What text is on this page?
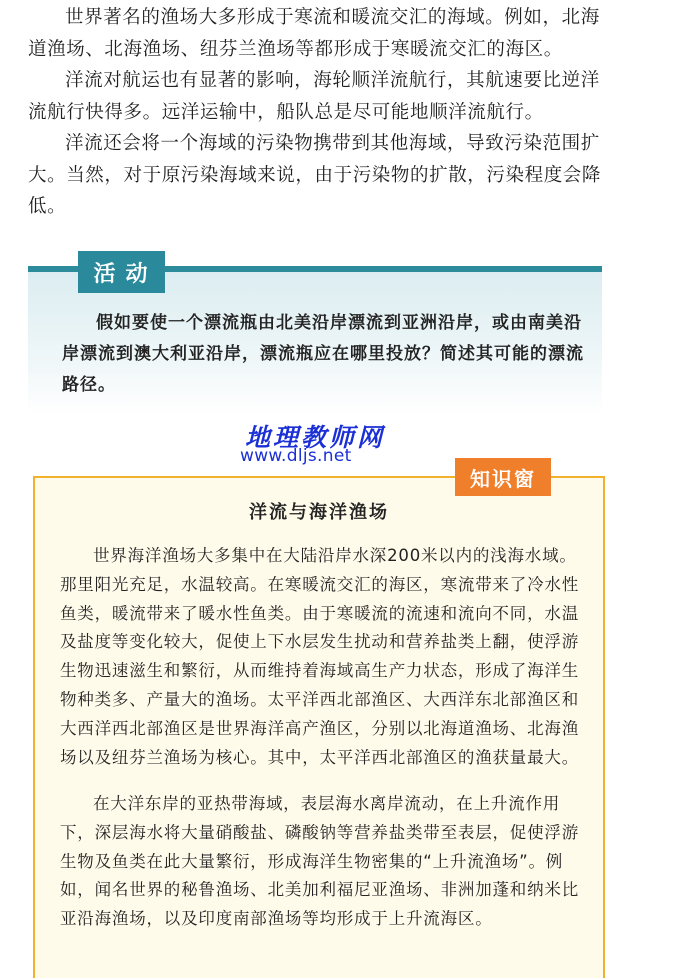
世界著名的渔场大多形成于寒流和暖流交汇的海域。例如，北海道渔场、北海渔场、纽芬兰渔场等都形成于寒暖流交汇的海区。

洋流对航运也有显著的影响，海轮顺洋流航行，其航速要比逆洋流航行快得多。远洋运输中，船队总是尽可能地顺洋流航行。

洋流还会将一个海域的污染物携带到其他海域，导致污染范围扩大。当然，对于原污染海域来说，由于污染物的扩散，污染程度会降低。

活动

假如要使一个漂流瓶由北美沿岸漂流到亚洲沿岸，或由南美沿岸漂流到澳大利亚沿岸，漂流瓶应在哪里投放？简述其可能的漂流路径。

地理教师网
www.dljs.net
知识窗
洋流与海洋渔场

世界海洋渔场大多集中在大陆沿岸水深200米以内的浅海水域。那里阳光充足，水温较高。在寒暖流交汇的海区，寒流带来了冷水性鱼类，暖流带来了暖水性鱼类。由于寒暖流的流速和流向不同，水温及盐度等变化较大，促使上下水层发生扰动和营养盐类上翻，使浮游生物迅速滋生和繁衍，从而维持着海域高生产力状态，形成了海洋生物种类多、产量大的渔场。太平洋西北部渔区、大西洋东北部渔区和大西洋西北部渔区是世界海洋高产渔区，分别以北海道渔场、北海渔场以及纽芬兰渔场为核心。其中，太平洋西北部渔区的渔获量最大。

在大洋东岸的亚热带海域，表层海水离岸流动，在上升流作用下，深层海水将大量硝酸盐、磷酸钠等营养盐类带至表层，促使浮游生物及鱼类在此大量繁衍，形成海洋生物密集的“上升流渔场”。例如，闻名世界的秘鲁渔场、北美加利福尼亚渔场、非洲加蓬和纳米比亚沿海渔场，以及印度南部渔场等均形成于上升流海区。
